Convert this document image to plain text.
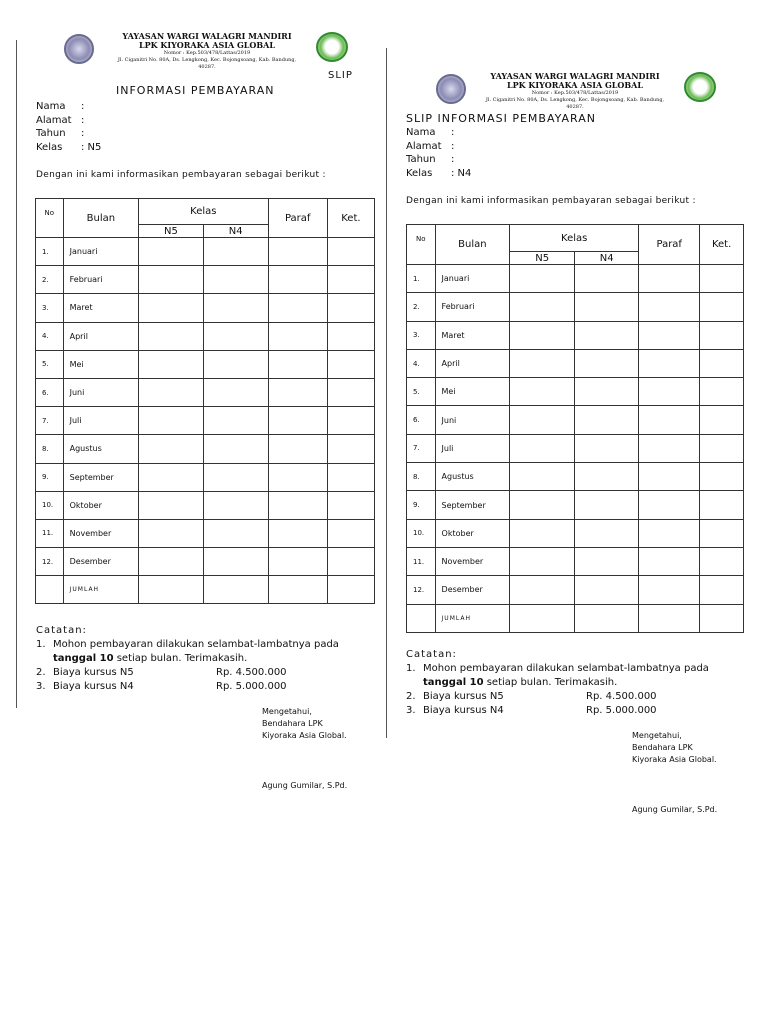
YAYASAN WARGI WALAGRI MANDIRI
LPK KIYORAKA ASIA GLOBAL
Nomor : Kep.503/478/Lattas/2019
Jl. Ciganitri No. 80A, Ds. Lengkong, Kec. Bojongsoang, Kab. Bandung, 40287.
SLIP
INFORMASI PEMBAYARAN
Nama	:
Alamat :
Tahun	:
Kelas	: N5
Dengan ini kami informasikan pembayaran sebagai berikut :
No	Bulan	Kelas		Paraf	Ket.
		N5	N4		
1.	Januari				
2.	Februari				
3.	Maret				
4.	April				
5.	Mei				
6.	Juni				
7.	Juli				
8.	Agustus				
9.	September				
10.	Oktober				
11.	November				
12.	Desember				
	JUMLAH				
Catatan:
1. Mohon pembayaran dilakukan selambat-lambatnya pada
tanggal 10 setiap bulan. Terimakasih.
2. Biaya kursus N5	Rp. 4.500.000
3. Biaya kursus N4	Rp. 5.000.000
Mengetahui,
Bendahara LPK
Kiyoraka Asia Global.
Agung Gumilar, S.Pd.
YAYASAN WARGI WALAGRI MANDIRI
LPK KIYORAKA ASIA GLOBAL
Nomor : Kep.503/478/Lattas/2019
Jl. Ciganitri No. 80A, Ds. Lengkong, Kec. Bojongsoang, Kab. Bandung, 40287.
SLIP INFORMASI PEMBAYARAN
Nama	:
Alamat :
Tahun	:
Kelas	: N4
Dengan ini kami informasikan pembayaran sebagai berikut :
No	Bulan	Kelas		Paraf	Ket.
		N5	N4		
1.	Januari				
2.	Februari				
3.	Maret				
4.	April				
5.	Mei				
6.	Juni				
7.	Juli				
8.	Agustus				
9.	September				
10.	Oktober				
11.	November				
12.	Desember				
	JUMLAH				
Catatan:
1. Mohon pembayaran dilakukan selambat-lambatnya pada
tanggal 10 setiap bulan. Terimakasih.
2. Biaya kursus N5	Rp. 4.500.000
3. Biaya kursus N4	Rp. 5.000.000
Mengetahui,
Bendahara LPK
Kiyoraka Asia Global.
Agung Gumilar, S.Pd.
